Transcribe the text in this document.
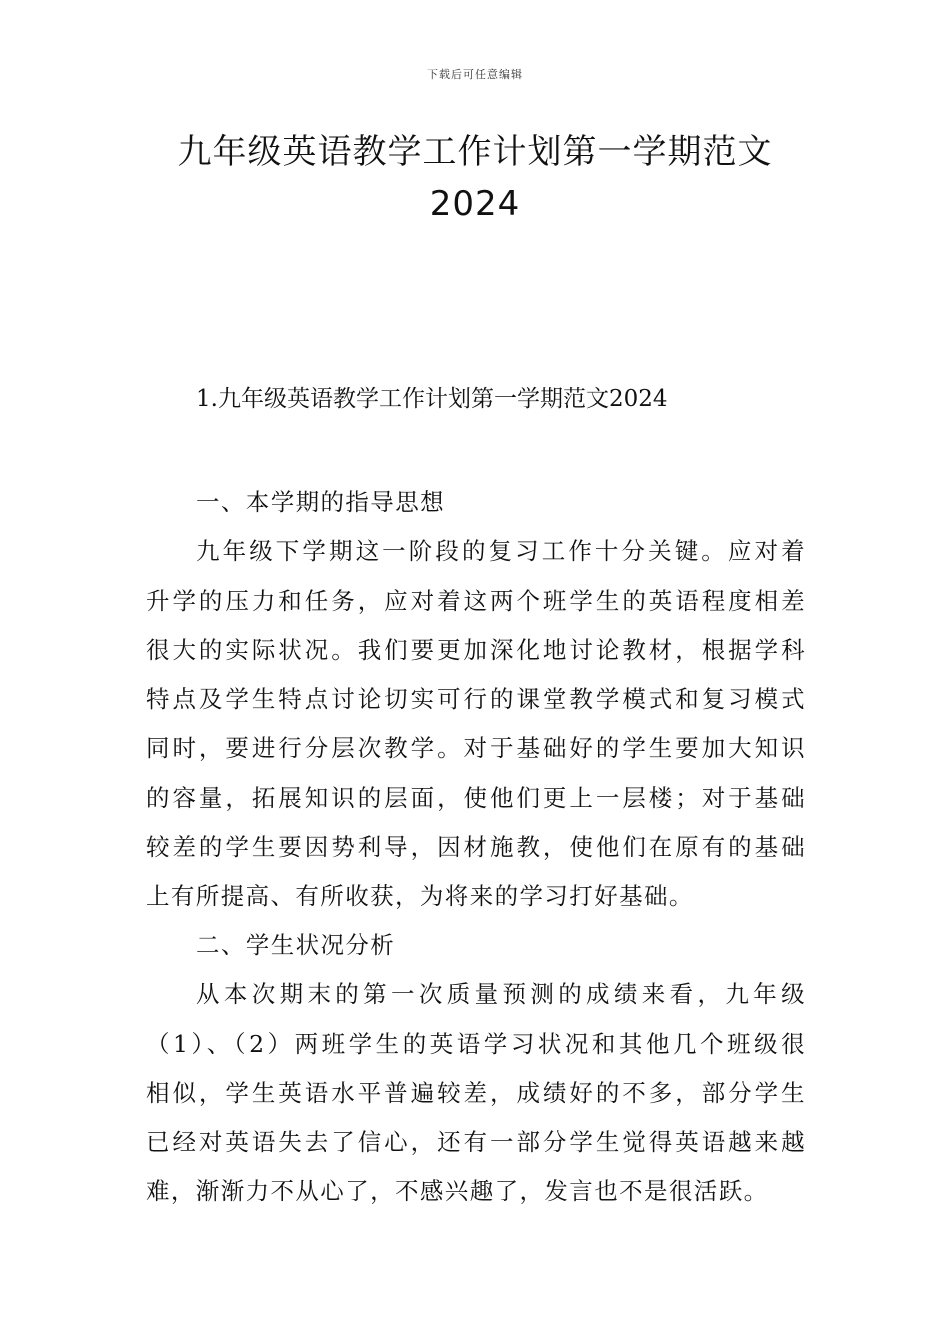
下载后可任意编辑
九年级英语教学工作计划第一学期范文
2024
1.九年级英语教学工作计划第一学期范文2024
一、本学期的指导思想
九年级下学期这一阶段的复习工作十分关键。应对着
升学的压力和任务，应对着这两个班学生的英语程度相差
很大的实际状况。我们要更加深化地讨论教材，根据学科
特点及学生特点讨论切实可行的课堂教学模式和复习模式
同时，要进行分层次教学。对于基础好的学生要加大知识
的容量，拓展知识的层面，使他们更上一层楼；对于基础
较差的学生要因势利导，因材施教，使他们在原有的基础
上有所提高、有所收获，为将来的学习打好基础。
二、学生状况分析
从本次期末的第一次质量预测的成绩来看，九年级
（1）、（2）两班学生的英语学习状况和其他几个班级很
相似，学生英语水平普遍较差，成绩好的不多，部分学生
已经对英语失去了信心，还有一部分学生觉得英语越来越
难，渐渐力不从心了，不感兴趣了，发言也不是很活跃。
